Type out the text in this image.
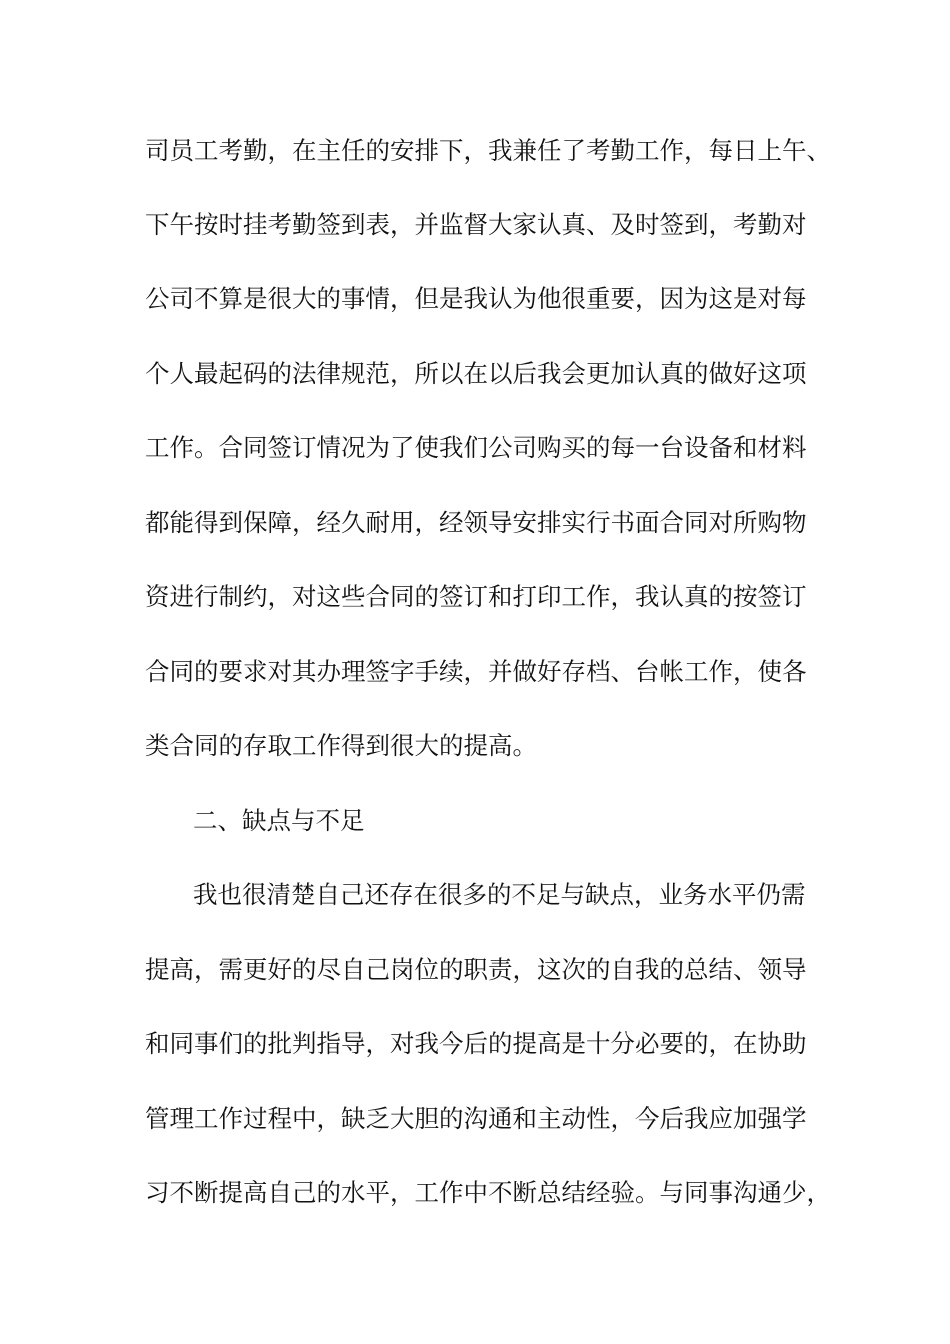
司员工考勤，在主任的安排下，我兼任了考勤工作，每日上午、
下午按时挂考勤签到表，并监督大家认真、及时签到，考勤对
公司不算是很大的事情，但是我认为他很重要，因为这是对每
个人最起码的法律规范，所以在以后我会更加认真的做好这项
工作。合同签订情况为了使我们公司购买的每一台设备和材料
都能得到保障，经久耐用，经领导安排实行书面合同对所购物
资进行制约，对这些合同的签订和打印工作，我认真的按签订
合同的要求对其办理签字手续，并做好存档、台帐工作，使各
类合同的存取工作得到很大的提高。
二、缺点与不足
我也很清楚自己还存在很多的不足与缺点，业务水平仍需
提高，需更好的尽自己岗位的职责，这次的自我的总结、领导
和同事们的批判指导，对我今后的提高是十分必要的，在协助
管理工作过程中，缺乏大胆的沟通和主动性，今后我应加强学
习不断提高自己的水平，工作中不断总结经验。与同事沟通少，
